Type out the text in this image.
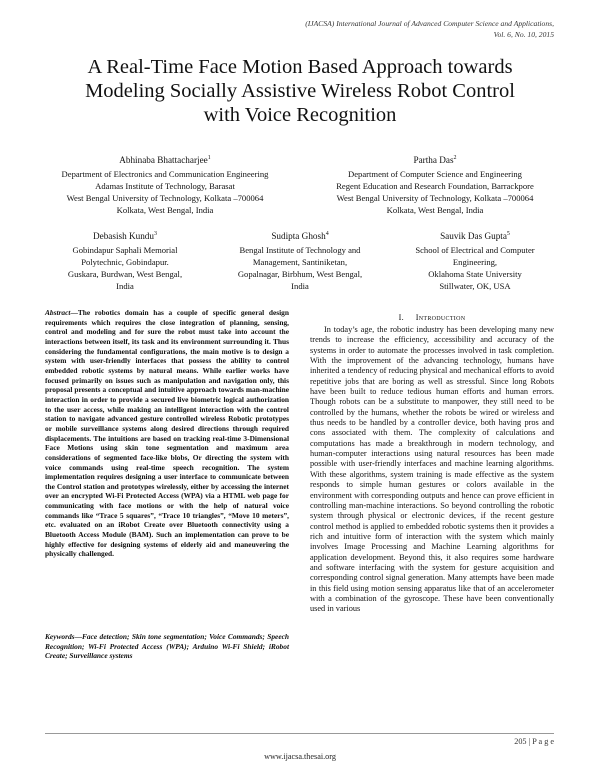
(IJACSA) International Journal of Advanced Computer Science and Applications,
Vol. 6, No. 10, 2015
A Real-Time Face Motion Based Approach towards
Modeling Socially Assistive Wireless Robot Control
with Voice Recognition
Abhinaba Bhattacharjee$^1$
Department of Electronics and Communication Engineering
Adamas Institute of Technology, Barasat
West Bengal University of Technology, Kolkata –700064
Kolkata, West Bengal, India
Partha Das$^2$
Department of Computer Science and Engineering
Regent Education and Research Foundation, Barrackpore
West Bengal University of Technology, Kolkata –700064
Kolkata, West Bengal, India
Debasish Kundu$^3$
Gobindapur Saphali Memorial
Polytechnic, Gobindapur.
Guskara, Burdwan, West Bengal,
India
Sudipta Ghosh$^4$
Bengal Institute of Technology and
Management, Santiniketan,
Gopalnagar, Birbhum, West Bengal,
India
Sauvik Das Gupta$^5$
School of Electrical and Computer
Engineering,
Oklahoma State University
Stillwater, OK, USA
Abstract—The robotics domain has a couple of specific general design requirements which requires the close integration of planning, sensing, control and modeling and for sure the robot must take into account the interactions between itself, its task and its environment surrounding it. Thus considering the fundamental configurations, the main motive is to design a system with user-friendly interfaces that possess the ability to control embedded robotic systems by natural means. While earlier works have focused primarily on issues such as manipulation and navigation only, this proposal presents a conceptual and intuitive approach towards man-machine interaction in order to provide a secured live biometric logical authorization to the user access, while making an intelligent interaction with the control station to navigate advanced gesture controlled wireless Robotic prototypes or mobile surveillance systems along desired directions through required displacements. The intuitions are based on tracking real-time 3-Dimensional Face Motions using skin tone segmentation and maximum area considerations of segmented face-like blobs, Or directing the system with voice commands using real-time speech recognition. The system implementation requires designing a user interface to communicate between the Control station and prototypes wirelessly, either by accessing the internet over an encrypted Wi-Fi Protected Access (WPA) via a HTML web page for communicating with face motions or with the help of natural voice commands like “Trace 5 squares”, “Trace 10 triangles”, “Move 10 meters”, etc. evaluated on an iRobot Create over Bluetooth connectivity using a Bluetooth Access Module (BAM). Such an implementation can prove to be highly effective for designing systems of elderly aid and maneuvering the physically challenged.
Keywords—Face detection; Skin tone segmentation; Voice Commands; Speech Recognition; Wi-Fi Protected Access (WPA); Arduino Wi-Fi Shield; iRobot Create; Surveillance systems
I. Introduction
In today’s age, the robotic industry has been developing many new trends to increase the efficiency, accessibility and accuracy of the systems in order to automate the processes involved in task completion. With the improvement of the advancing technology, humans have inherited a tendency of reducing physical and mechanical efforts to avoid repetitive jobs that are boring as well as stressful. Since long Robots have been built to reduce tedious human efforts and human errors. Though robots can be a substitute to manpower, they still need to be controlled by the humans, whether the robots be wired or wireless and thus needs to be handled by a controller device, both having pros and cons associated with them. The complexity of calculations and computations has made a breakthrough in modern technology, and human-computer interactions using natural resources has been made possible with user-friendly interfaces and machine learning algorithms. With these algorithms, system training is made effective as the system responds to simple human gestures or colors available in the environment with corresponding outputs and hence can prove efficient in controlling man-machine interactions. So beyond controlling the robotic system through physical or electronic devices, if the recent gesture control method is applied to embedded robotic systems then it provides a rich and intuitive form of interaction with the system which mainly involves Image Processing and Machine Learning algorithms for application development. Beyond this, it also requires some hardware and software interfacing with the system for gesture acquisition and corresponding control signal generation. Many attempts have been made in this field using motion sensing apparatus like that of an accelerometer with a combination of the gyroscope. These have been conventionally used in various
205 | P a g e
www.ijacsa.thesai.org
